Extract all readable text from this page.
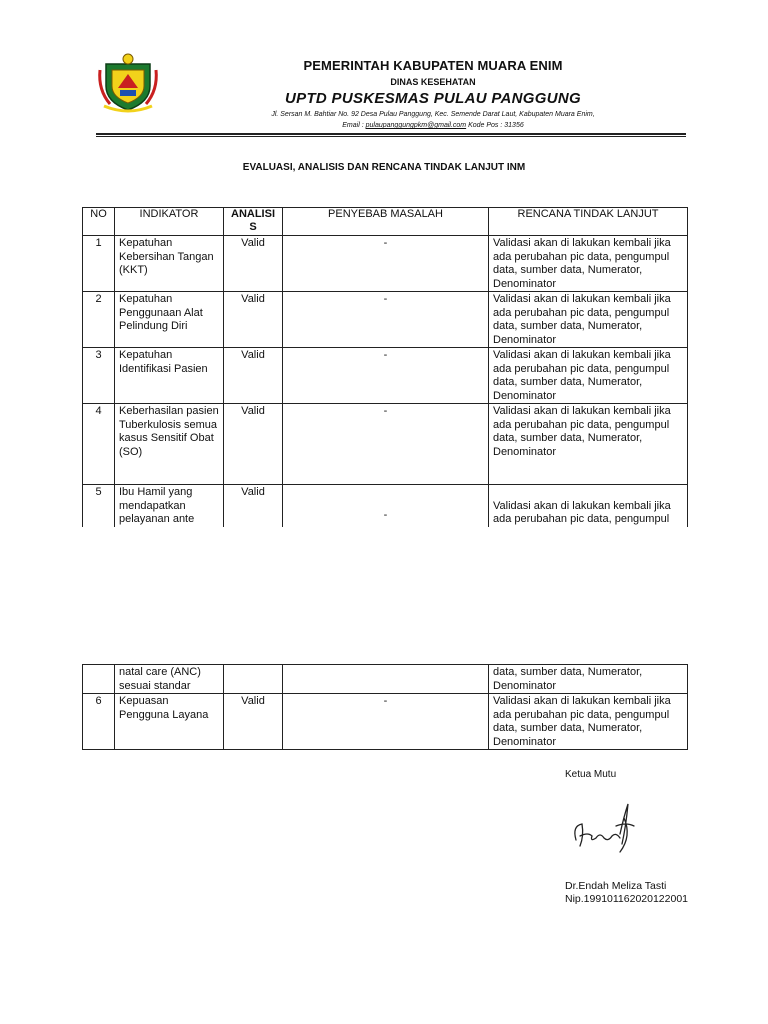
PEMERINTAH KABUPATEN MUARA ENIM
DINAS KESEHATAN
UPTD PUSKESMAS PULAU PANGGUNG
Jl. Sersan M. Bahtiar No. 92 Desa Pulau Panggung, Kec. Semende Darat Laut, Kabupaten Muara Enim,
Email : pulaupanggungpkm@gmail.com Kode Pos : 31356
EVALUASI, ANALISIS DAN RENCANA TINDAK LANJUT INM
NO	INDIKATOR	ANALISI S	PENYEBAB MASALAH	RENCANA TINDAK LANJUT
1	Kepatuhan Kebersihan Tangan (KKT)	Valid	-	Validasi akan di lakukan kembali jika ada perubahan pic data, pengumpul data, sumber data, Numerator, Denominator
2	Kepatuhan Penggunaan Alat Pelindung Diri	Valid	-	Validasi akan di lakukan kembali jika ada perubahan pic data, pengumpul data, sumber data, Numerator, Denominator
3	Kepatuhan Identifikasi Pasien	Valid	-	Validasi akan di lakukan kembali jika ada perubahan pic data, pengumpul data, sumber data, Numerator, Denominator
4	Keberhasilan pasien Tuberkulosis semua kasus Sensitif Obat (SO)	Valid	-	Validasi akan di lakukan kembali jika ada perubahan pic data, pengumpul data, sumber data, Numerator, Denominator
5	Ibu Hamil yang mendapatkan pelayanan ante	Valid	-	Validasi akan di lakukan kembali jika ada perubahan pic data, pengumpul
	natal care (ANC) sesuai standar			data, sumber data, Numerator, Denominator
6	Kepuasan Pengguna Layana	Valid	-	Validasi akan di lakukan kembali jika ada perubahan pic data, pengumpul data, sumber data, Numerator, Denominator
Ketua Mutu
Dr.Endah Meliza Tasti
Nip.199101162020122001
